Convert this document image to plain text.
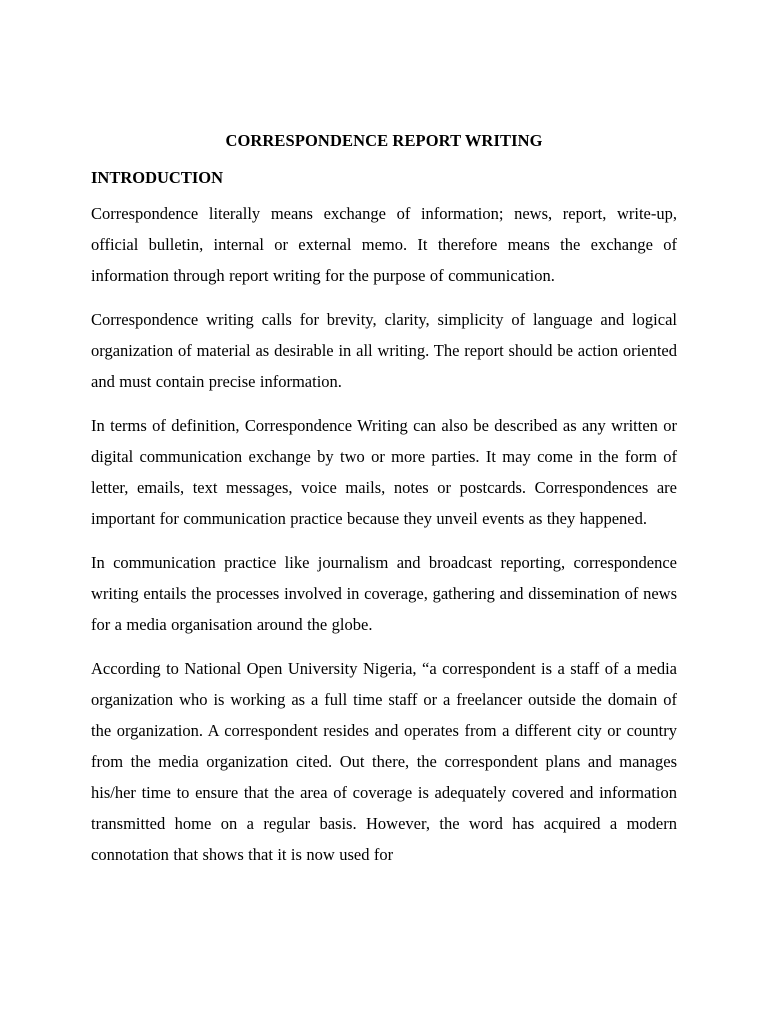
CORRESPONDENCE REPORT WRITING
INTRODUCTION

Correspondence literally means exchange of information; news, report, write-up, official bulletin, internal or external memo. It therefore means the exchange of information through report writing for the purpose of communication.

Correspondence writing calls for brevity, clarity, simplicity of language and logical organization of material as desirable in all writing. The report should be action oriented and must contain precise information.

In terms of definition, Correspondence Writing can also be described as any written or digital communication exchange by two or more parties. It may come in the form of letter, emails, text messages, voice mails, notes or postcards. Correspondences are important for communication practice because they unveil events as they happened.

In communication practice like journalism and broadcast reporting, correspondence writing entails the processes involved in coverage, gathering and dissemination of news for a media organisation around the globe.

According to National Open University Nigeria, “a correspondent is a staff of a media organization who is working as a full time staff or a freelancer outside the domain of the organization. A correspondent resides and operates from a different city or country from the media organization cited. Out there, the correspondent plans and manages his/her time to ensure that the area of coverage is adequately covered and information transmitted home on a regular basis. However, the word has acquired a modern connotation that shows that it is now used for
